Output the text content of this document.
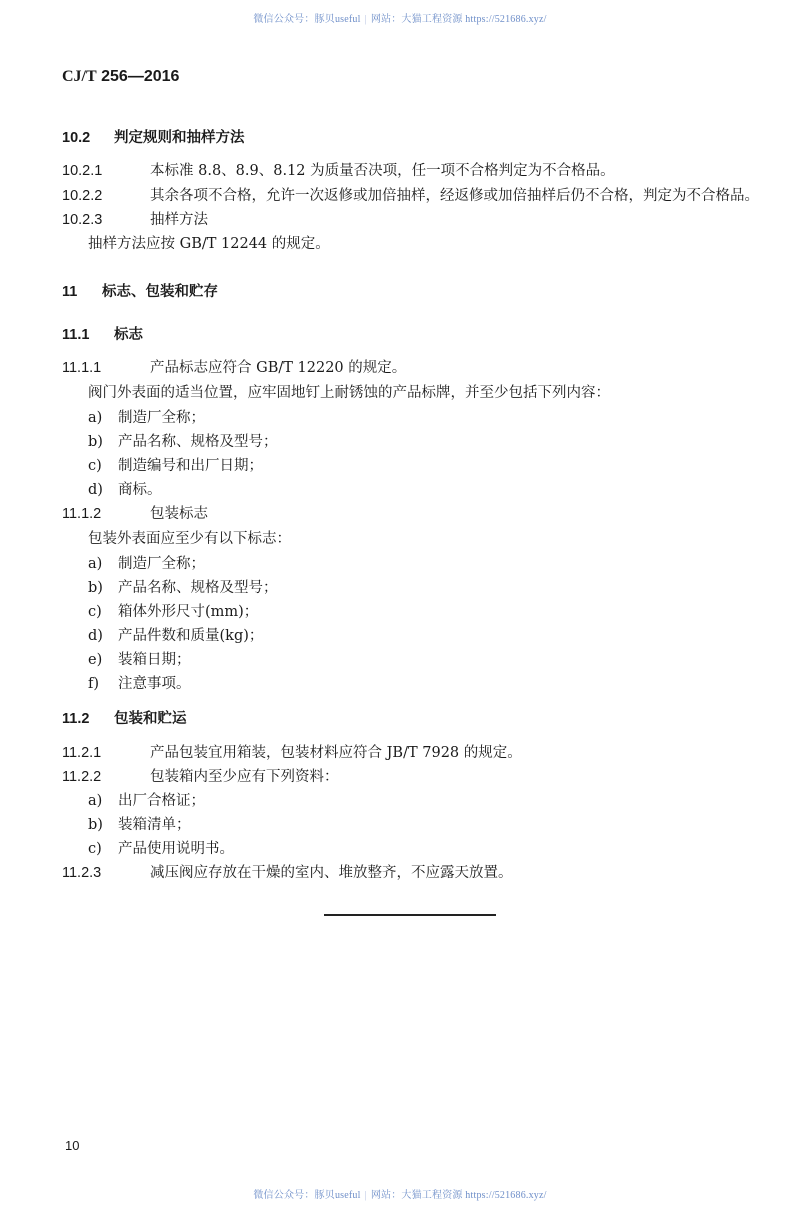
微信公众号：豚贝useful | 网站：大猫工程资源 https://521686.xyz/
CJ/T 256—2016
10.2 判定规则和抽样方法
10.2.1	本标准 8.8、8.9、8.12 为质量否决项，任一项不合格判定为不合格品。
10.2.2	其余各项不合格，允许一次返修或加倍抽样，经返修或加倍抽样后仍不合格，判定为不合格品。
10.2.3	抽样方法
抽样方法应按 GB/T 12244 的规定。
11 标志、包装和贮存
11.1 标志
11.1.1	产品标志应符合 GB/T 12220 的规定。
阀门外表面的适当位置，应牢固地钉上耐锈蚀的产品标牌，并至少包括下列内容：
a) 制造厂全称；
b) 产品名称、规格及型号；
c) 制造编号和出厂日期；
d) 商标。
11.1.2	包装标志
包装外表面应至少有以下标志：
a) 制造厂全称；
b) 产品名称、规格及型号；
c) 箱体外形尺寸(mm)；
d) 产品件数和质量(kg)；
e) 装箱日期；
f) 注意事项。
11.2 包装和贮运
11.2.1	产品包装宜用箱装，包装材料应符合 JB/T 7928 的规定。
11.2.2	包装箱内至少应有下列资料：
a) 出厂合格证；
b) 装箱清单；
c) 产品使用说明书。
11.2.3	减压阀应存放在干燥的室内、堆放整齐，不应露天放置。
10
微信公众号：豚贝useful | 网站：大猫工程资源 https://521686.xyz/
